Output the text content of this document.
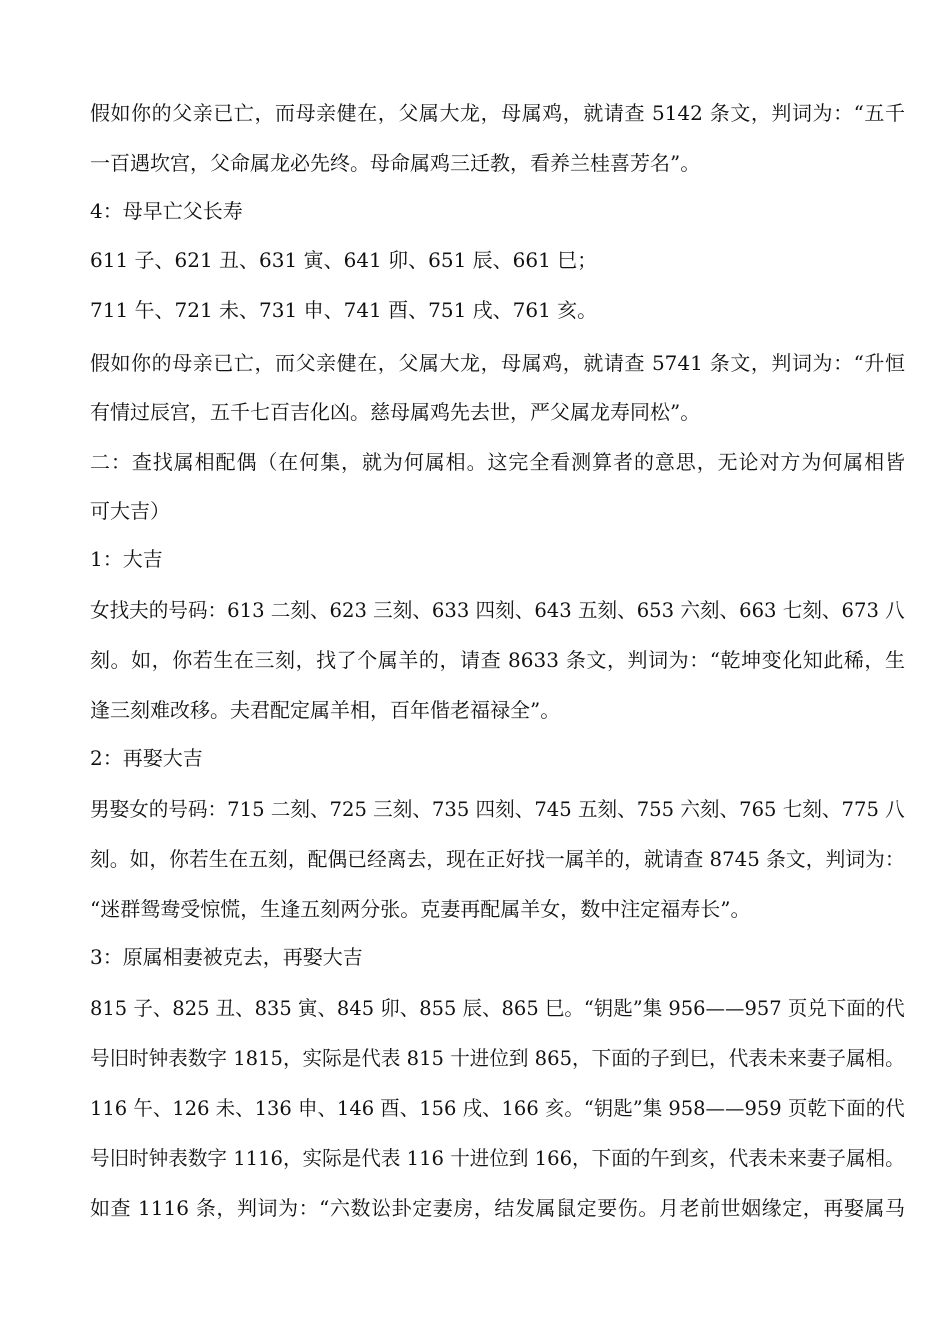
假如你的父亲已亡，而母亲健在，父属大龙，母属鸡，就请查 5142 条文，判词为：“五千
一百遇坎宫，父命属龙必先终。母命属鸡三迁教，看养兰桂喜芳名”。
4：母早亡父长寿
611 子、621 丑、631 寅、641 卯、651 辰、661 巳；
711 午、721 未、731 申、741 酉、751 戌、761 亥。
假如你的母亲已亡，而父亲健在，父属大龙，母属鸡，就请查 5741 条文，判词为：“升恒
有情过辰宫，五千七百吉化凶。慈母属鸡先去世，严父属龙寿同松”。
二：查找属相配偶（在何集，就为何属相。这完全看测算者的意思，无论对方为何属相皆
可大吉）
1：大吉
女找夫的号码：613 二刻、623 三刻、633 四刻、643 五刻、653 六刻、663 七刻、673 八
刻。如，你若生在三刻，找了个属羊的，请查 8633 条文，判词为：“乾坤变化知此稀，生
逢三刻难改移。夫君配定属羊相，百年偕老福禄全”。
2：再娶大吉
男娶女的号码：715 二刻、725 三刻、735 四刻、745 五刻、755 六刻、765 七刻、775 八
刻。如，你若生在五刻，配偶已经离去，现在正好找一属羊的，就请查 8745 条文，判词为：
“迷群鸳鸯受惊慌，生逢五刻两分张。克妻再配属羊女，数中注定福寿长”。
3：原属相妻被克去，再娶大吉
815 子、825 丑、835 寅、845 卯、855 辰、865 巳。“钥匙”集 956——957 页兑下面的代
号旧时钟表数字 1815，实际是代表 815 十进位到 865，下面的子到巳，代表未来妻子属相。
116 午、126 未、136 申、146 酉、156 戌、166 亥。“钥匙”集 958——959 页乾下面的代
号旧时钟表数字 1116，实际是代表 116 十进位到 166，下面的午到亥，代表未来妻子属相。
如查 1116 条，判词为：“六数讼卦定妻房，结发属鼠定要伤。月老前世姻缘定，再娶属马
